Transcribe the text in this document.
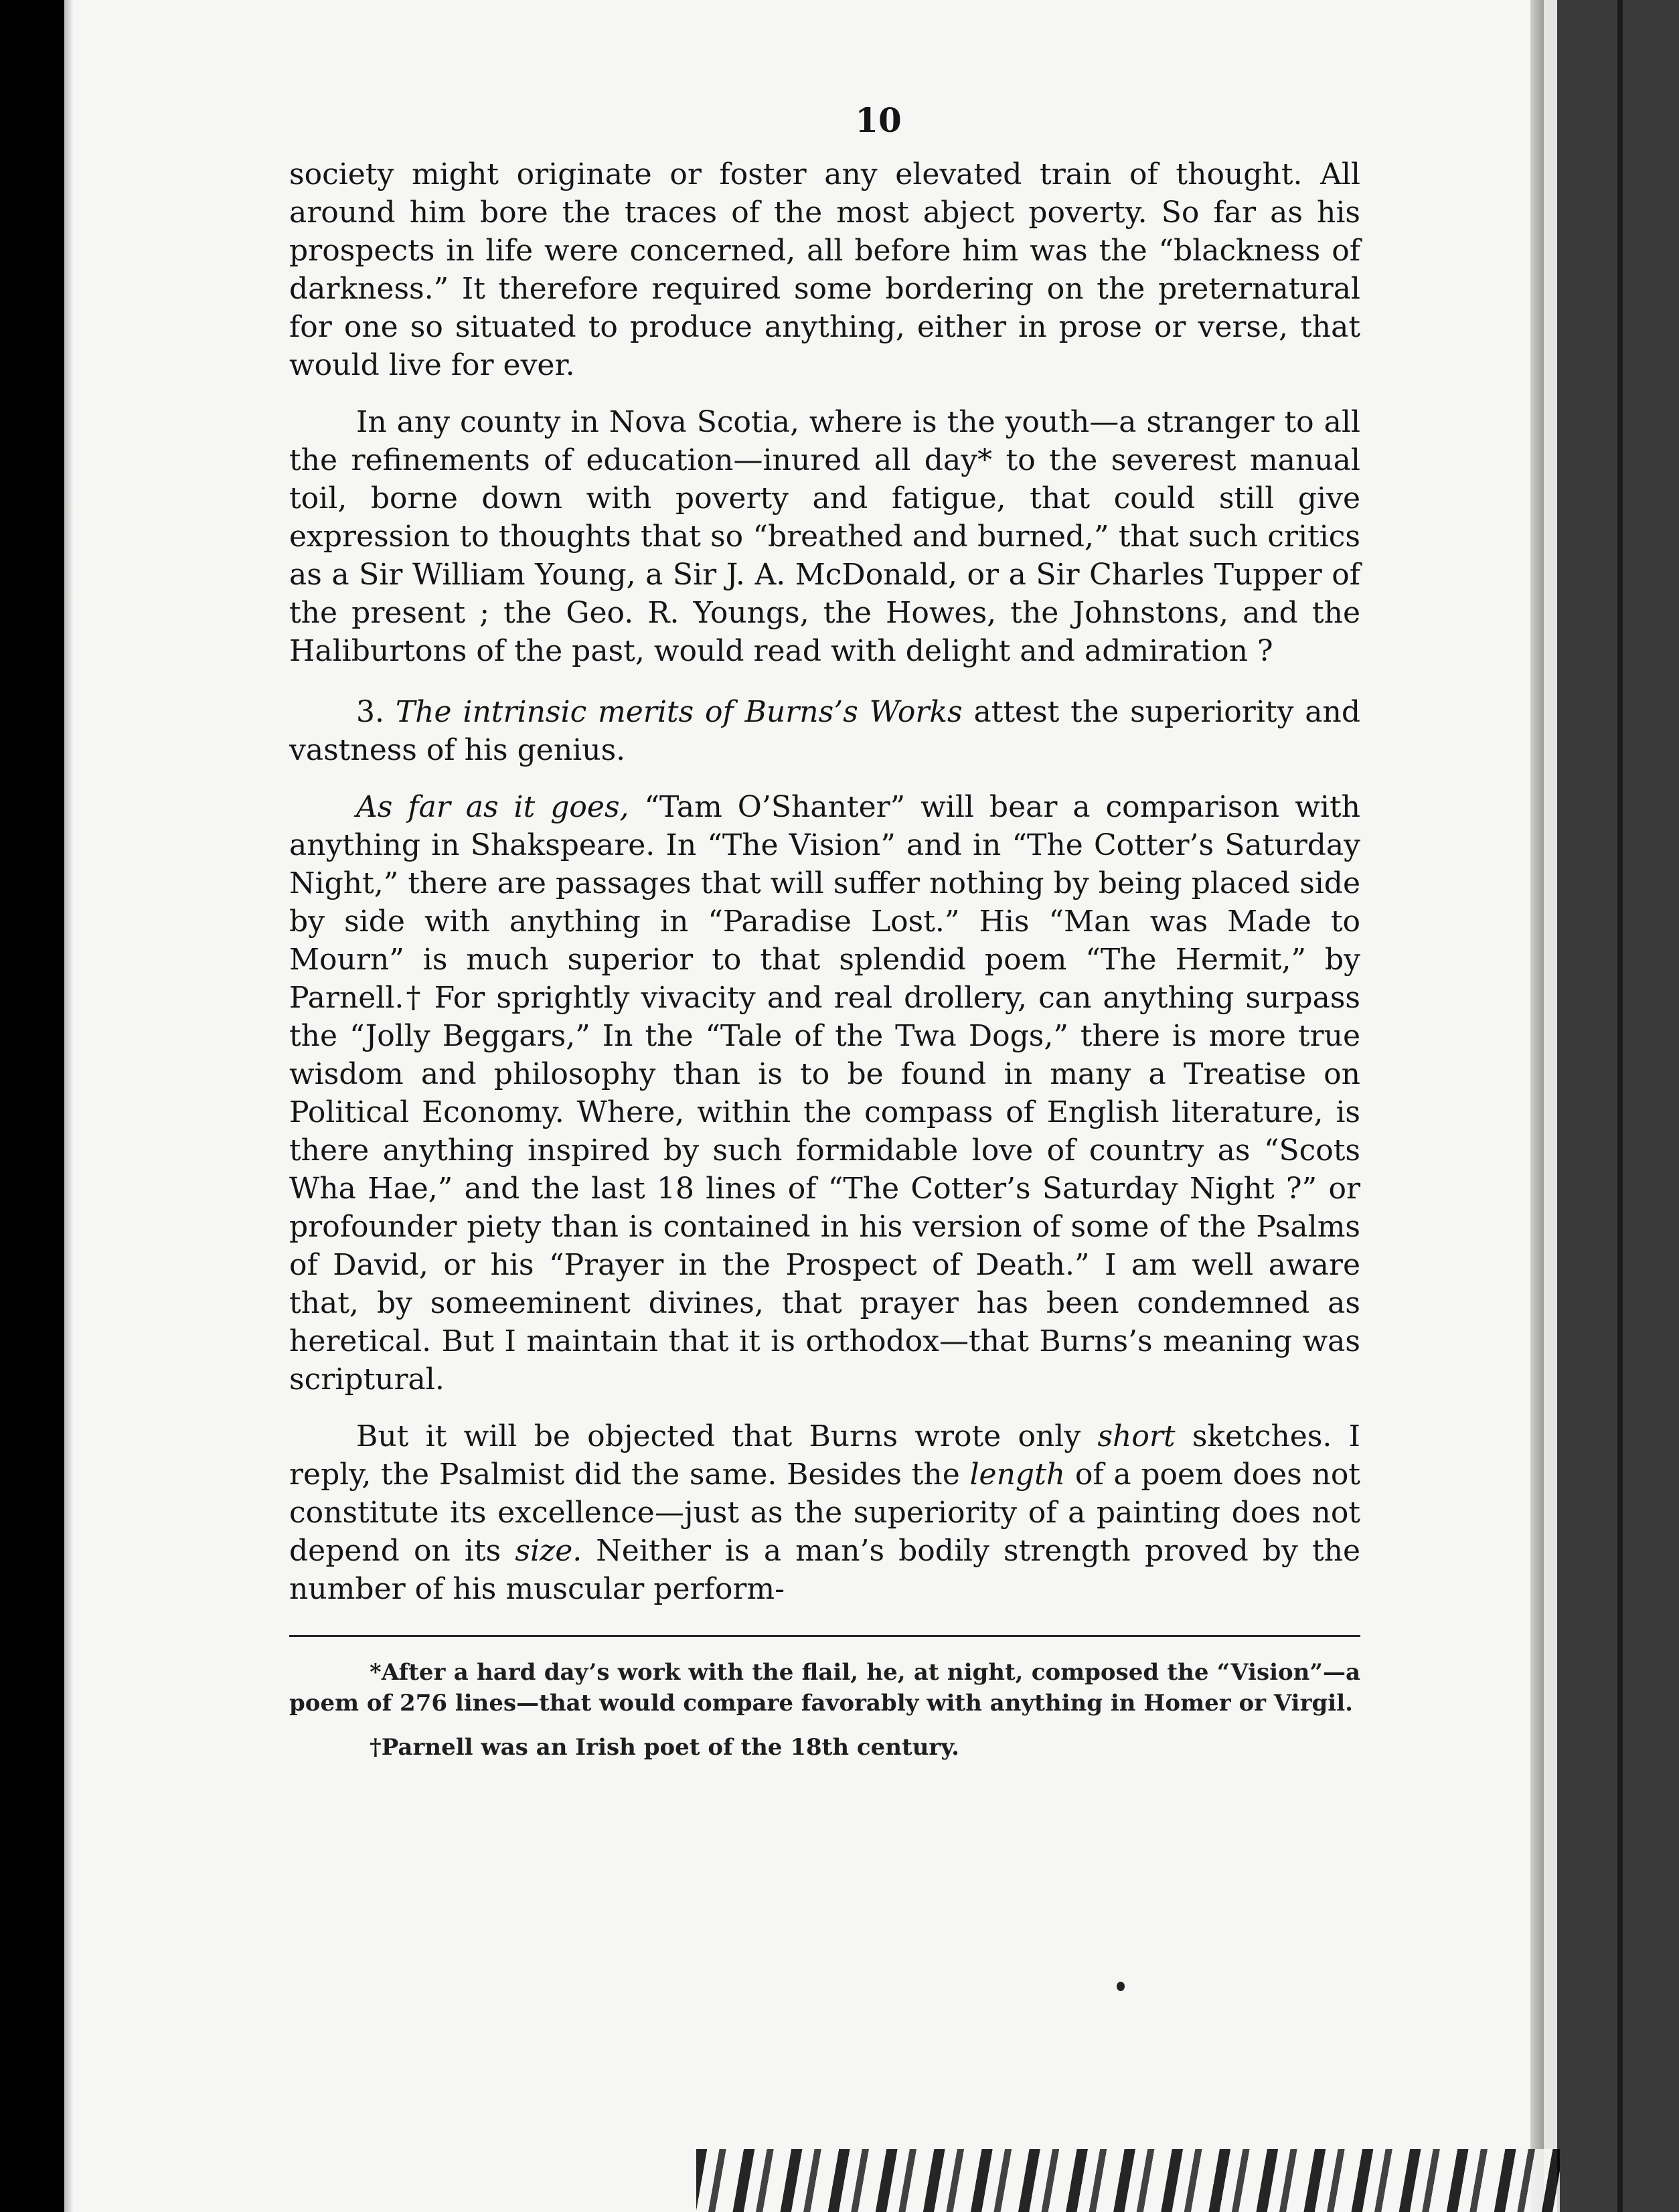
10

society might originate or foster any elevated train of thought. All around him bore the traces of the most abject poverty. So far as his prospects in life were concerned, all before him was the “blackness of darkness.” It therefore required some bordering on the preternatural for one so situated to produce anything, either in prose or verse, that would live for ever.

In any county in Nova Scotia, where is the youth—a stranger to all the refinements of education—inured all day* to the severest manual toil, borne down with poverty and fatigue, that could still give expression to thoughts that so “breathed and burned,” that such critics as a Sir William Young, a Sir J. A. McDonald, or a Sir Charles Tupper of the present ; the Geo. R. Youngs, the Howes, the Johnstons, and the Haliburtons of the past, would read with delight and admiration ?

3. The intrinsic merits of Burns’s Works attest the superiority and vastness of his genius.

As far as it goes, “Tam O’Shanter” will bear a comparison with anything in Shakspeare. In “The Vision” and in “The Cotter’s Saturday Night,” there are passages that will suffer nothing by being placed side by side with anything in “Paradise Lost.” His “Man was Made to Mourn” is much superior to that splendid poem “The Hermit,” by Parnell.† For sprightly vivacity and real drollery, can anything surpass the “Jolly Beggars,” In the “Tale of the Twa Dogs,” there is more true wisdom and philosophy than is to be found in many a Treatise on Political Economy. Where, within the compass of English literature, is there anything inspired by such formidable love of country as “Scots Wha Hae,” and the last 18 lines of “The Cotter’s Saturday Night ?” or profounder piety than is contained in his version of some of the Psalms of David, or his “Prayer in the Prospect of Death.” I am well aware that, by someeminent divines, that prayer has been condemned as heretical. But I maintain that it is orthodox—that Burns’s meaning was scriptural.

But it will be objected that Burns wrote only short sketches. I reply, the Psalmist did the same. Besides the length of a poem does not constitute its excellence—just as the superiority of a painting does not depend on its size. Neither is a man’s bodily strength proved by the number of his muscular perform-

*After a hard day’s work with the flail, he, at night, composed the “Vision”—a poem of 276 lines—that would compare favorably with anything in Homer or Virgil.

†Parnell was an Irish poet of the 18th century.
